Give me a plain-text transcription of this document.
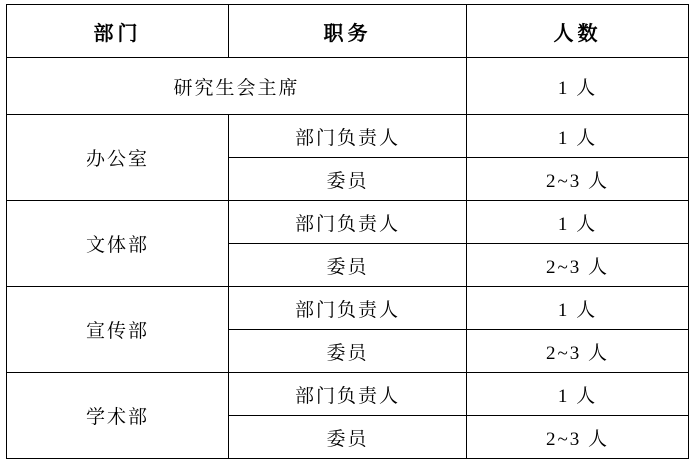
部门	职务	人数
研究生会主席		1 人
办公室	部门负责人	1 人
	委员	2~3 人
文体部	部门负责人	1 人
	委员	2~3 人
宣传部	部门负责人	1 人
	委员	2~3 人
学术部	部门负责人	1 人
	委员	2~3 人
